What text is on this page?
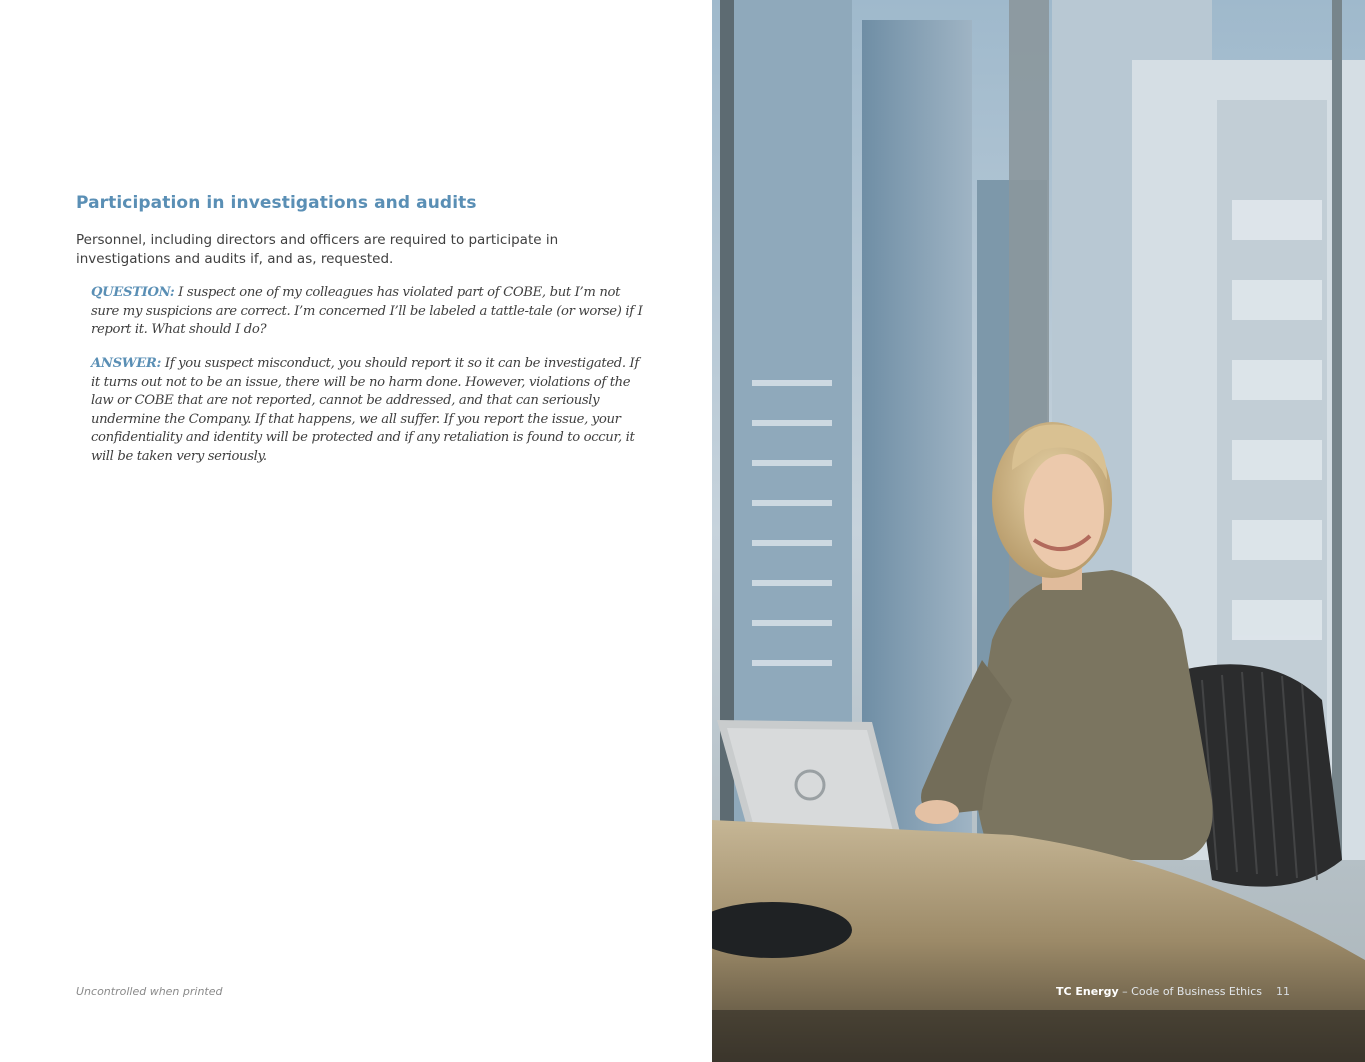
Participation in investigations and audits

Personnel, including directors and officers are required to participate in investigations and audits if, and as, requested.

QUESTION: I suspect one of my colleagues has violated part of COBE, but I’m not sure my suspicions are correct. I’m concerned I’ll be labeled a tattle-tale (or worse) if I report it. What should I do?

ANSWER: If you suspect misconduct, you should report it so it can be investigated. If it turns out not to be an issue, there will be no harm done. However, violations of the law or COBE that are not reported, cannot be addressed, and that can seriously undermine the Company. If that happens, we all suffer. If you report the issue, your confidentiality and identity will be protected and if any retaliation is found to occur, it will be taken very seriously.

Uncontrolled when printed	TC Energy – Code of Business Ethics 11
